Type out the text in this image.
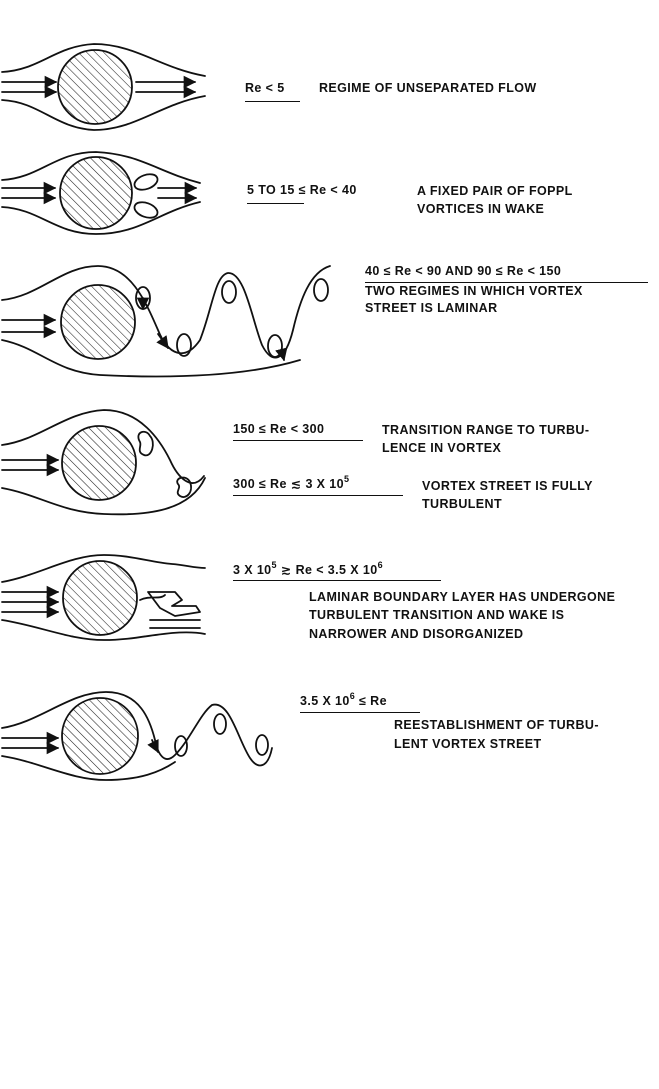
Re < 5	REGIME OF UNSEPARATED FLOW
5 TO 15 ≤ Re < 40	A FIXED PAIR OF FOPPL
VORTICES IN WAKE
40 ≤ Re < 90 AND 90 ≤ Re < 150
TWO REGIMES IN WHICH VORTEX
STREET IS LAMINAR
150 ≤ Re < 300	TRANSITION RANGE TO TURBU-
LENCE IN VORTEX
300 ≤ Re ≲ 3 X $10^5$	VORTEX STREET IS FULLY
TURBULENT
3 X $10^5$ ≳ Re < 3.5 X $10^6$
LAMINAR BOUNDARY LAYER HAS UNDERGONE
TURBULENT TRANSITION AND WAKE IS
NARROWER AND DISORGANIZED
3.5 X $10^6 \le Re$
REESTABLISHMENT OF TURBU-
LENT VORTEX STREET
